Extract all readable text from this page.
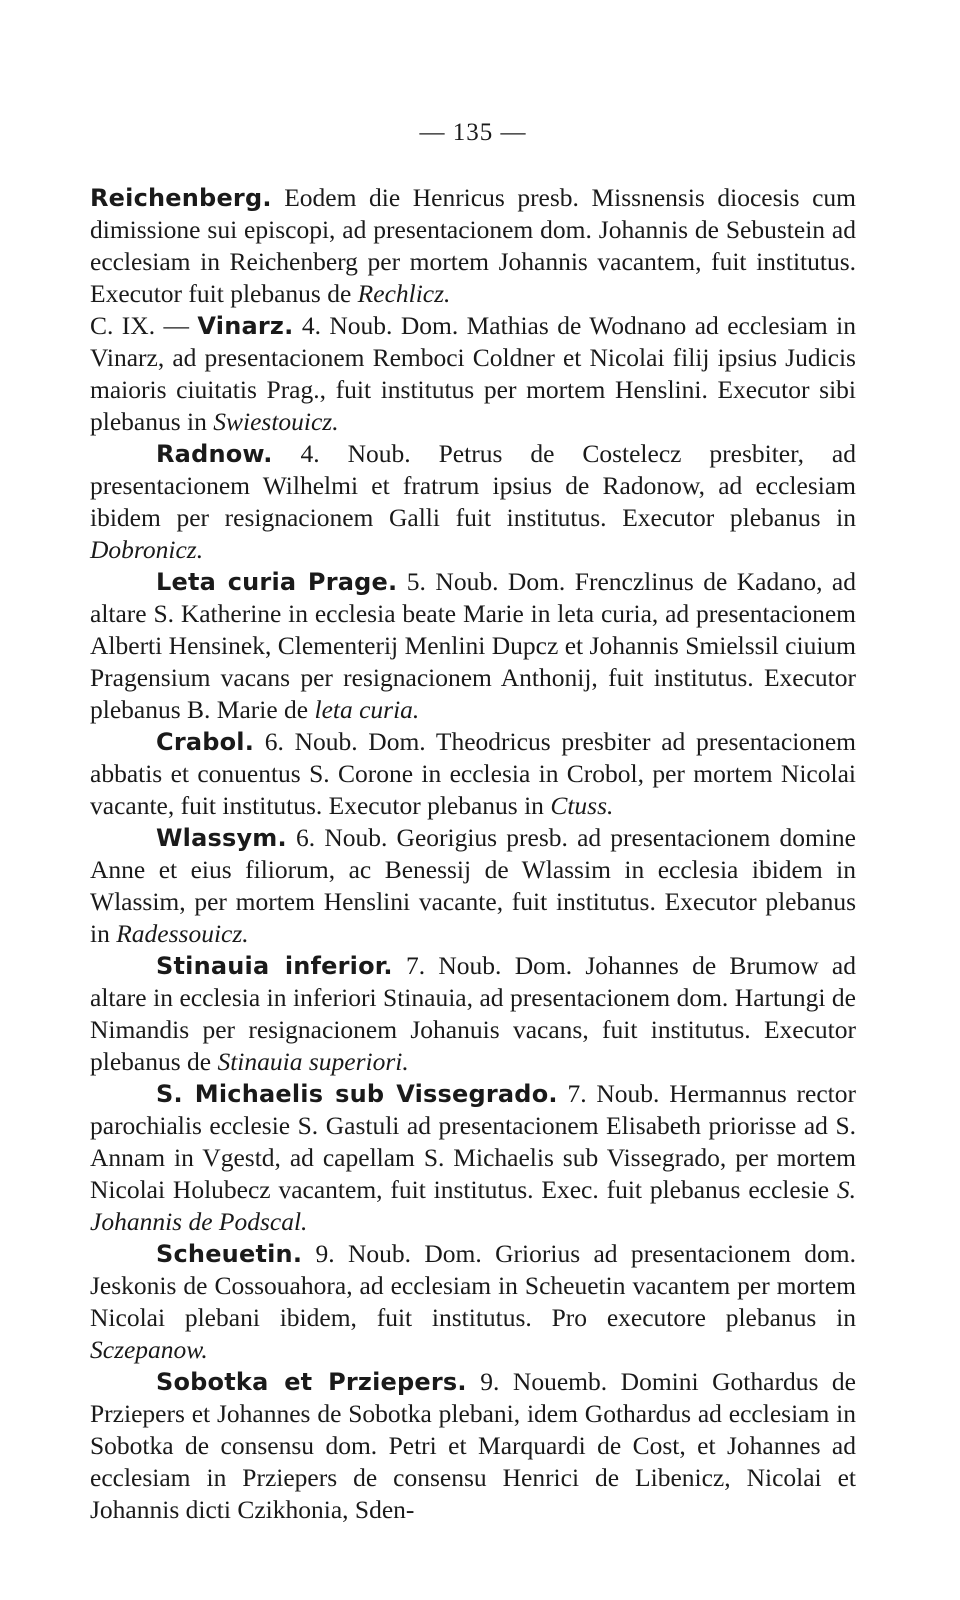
— 135 —

Reichenberg. Eodem die Henricus presb. Missnensis diocesis cum dimissione sui episcopi, ad presentacionem dom. Johannis de Sebustein ad ecclesiam in Reichenberg per mortem Johannis vacantem, fuit institutus. Executor fuit plebanus de Rechlicz.

C. IX. — Vinarz. 4. Noub. Dom. Mathias de Wodnano ad ecclesiam in Vinarz, ad presentacionem Remboci Coldner et Nicolai filij ipsius Judicis maioris ciuitatis Prag., fuit institutus per mortem Henslini. Executor sibi plebanus in Swiestouicz.

Radnow. 4. Noub. Petrus de Costelecz presbiter, ad presentacionem Wilhelmi et fratrum ipsius de Radonow, ad ecclesiam ibidem per resignacionem Galli fuit institutus. Executor plebanus in Dobronicz.

Leta curia Prage. 5. Noub. Dom. Frenczlinus de Kadano, ad altare S. Katherine in ecclesia beate Marie in leta curia, ad presentacionem Alberti Hensinek, Clementerij Menlini Dupcz et Johannis Smielssil ciuium Pragensium vacans per resignacionem Anthonij, fuit institutus. Executor plebanus B. Marie de leta curia.

Crabol. 6. Noub. Dom. Theodricus presbiter ad presentacionem abbatis et conuentus S. Corone in ecclesia in Crobol, per mortem Nicolai vacante, fuit institutus. Executor plebanus in Ctuss.

Wlassym. 6. Noub. Georigius presb. ad presentacionem domine Anne et eius filiorum, ac Benessij de Wlassim in ecclesia ibidem in Wlassim, per mortem Henslini vacante, fuit institutus. Executor plebanus in Radessouicz.

Stinauia inferior. 7. Noub. Dom. Johannes de Brumow ad altare in ecclesia in inferiori Stinauia, ad presentacionem dom. Hartungi de Nimandis per resignacionem Johanuis vacans, fuit institutus. Executor plebanus de Stinauia superiori.

S. Michaelis sub Vissegrado. 7. Noub. Hermannus rector parochialis ecclesie S. Gastuli ad presentacionem Elisabeth priorisse ad S. Annam in Vgestd, ad capellam S. Michaelis sub Vissegrado, per mortem Nicolai Holubecz vacantem, fuit institutus. Exec. fuit plebanus ecclesie S. Johannis de Podscal.

Scheuetin. 9. Noub. Dom. Griorius ad presentacionem dom. Jeskonis de Cossouahora, ad ecclesiam in Scheuetin vacantem per mortem Nicolai plebani ibidem, fuit institutus. Pro executore plebanus in Sczepanow.

Sobotka et Prziepers. 9. Nouemb. Domini Gothardus de Prziepers et Johannes de Sobotka plebani, idem Gothardus ad ecclesiam in Sobotka de consensu dom. Petri et Marquardi de Cost, et Johannes ad ecclesiam in Prziepers de consensu Henrici de Libenicz, Nicolai et Johannis dicti Czikhonia, Sden-
